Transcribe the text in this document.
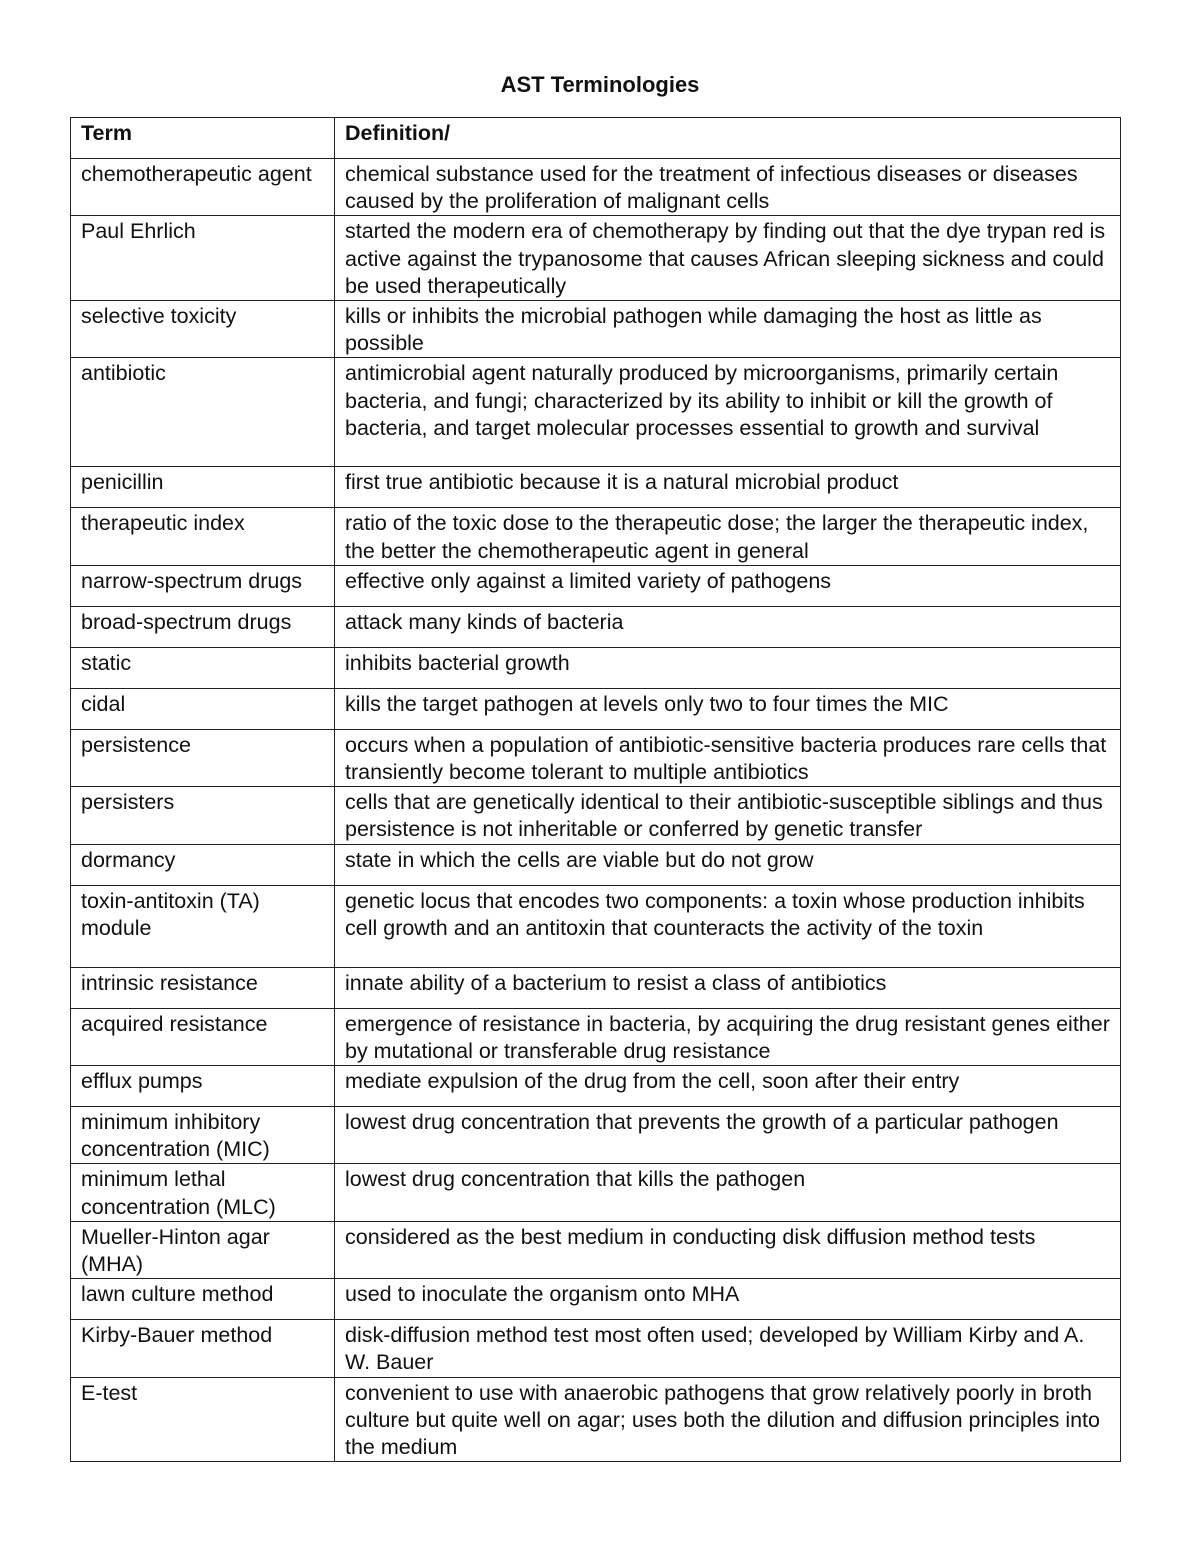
AST Terminologies
Term	Definition/
chemotherapeutic agent	chemical substance used for the treatment of infectious diseases or diseases caused by the proliferation of malignant cells
Paul Ehrlich	started the modern era of chemotherapy by finding out that the dye trypan red is active against the trypanosome that causes African sleeping sickness and could be used therapeutically
selective toxicity	kills or inhibits the microbial pathogen while damaging the host as little as possible
antibiotic	antimicrobial agent naturally produced by microorganisms, primarily certain bacteria, and fungi; characterized by its ability to inhibit or kill the growth of bacteria, and target molecular processes essential to growth and survival
penicillin	first true antibiotic because it is a natural microbial product
therapeutic index	ratio of the toxic dose to the therapeutic dose; the larger the therapeutic index, the better the chemotherapeutic agent in general
narrow-spectrum drugs	effective only against a limited variety of pathogens
broad-spectrum drugs	attack many kinds of bacteria
static	inhibits bacterial growth
cidal	kills the target pathogen at levels only two to four times the MIC
persistence	occurs when a population of antibiotic-sensitive bacteria produces rare cells that transiently become tolerant to multiple antibiotics
persisters	cells that are genetically identical to their antibiotic-susceptible siblings and thus persistence is not inheritable or conferred by genetic transfer
dormancy	state in which the cells are viable but do not grow
toxin-antitoxin (TA) module	genetic locus that encodes two components: a toxin whose production inhibits cell growth and an antitoxin that counteracts the activity of the toxin
intrinsic resistance	innate ability of a bacterium to resist a class of antibiotics
acquired resistance	emergence of resistance in bacteria, by acquiring the drug resistant genes either by mutational or transferable drug resistance
efflux pumps	mediate expulsion of the drug from the cell, soon after their entry
minimum inhibitory concentration (MIC)	lowest drug concentration that prevents the growth of a particular pathogen
minimum lethal concentration (MLC)	lowest drug concentration that kills the pathogen
Mueller-Hinton agar (MHA)	considered as the best medium in conducting disk diffusion method tests
lawn culture method	used to inoculate the organism onto MHA
Kirby-Bauer method	disk-diffusion method test most often used; developed by William Kirby and A. W. Bauer
E-test	convenient to use with anaerobic pathogens that grow relatively poorly in broth culture but quite well on agar; uses both the dilution and diffusion principles into the medium
